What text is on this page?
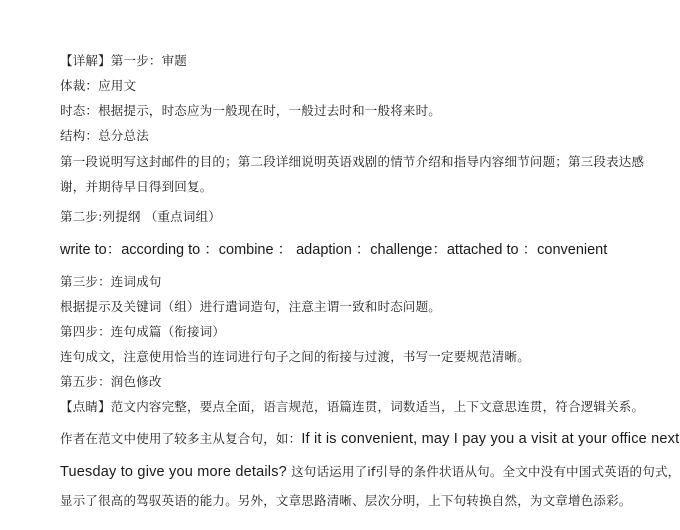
【详解】第一步：审题
体裁：应用文
时态：根据提示，时态应为一般现在时，一般过去时和一般将来时。
结构：总分总法
第一段说明写这封邮件的目的；第二段详细说明英语戏剧的情节介绍和指导内容细节问题；第三段表达感
谢，并期待早日得到回复。
第二步:列提纲 （重点词组）
write to：according to ：combine ： adaption ：challenge：attached to ：convenient
第三步：连词成句
根据提示及关键词（组）进行遣词造句，注意主谓一致和时态问题。
第四步：连句成篇（衔接词）
连句成文，注意使用恰当的连词进行句子之间的衔接与过渡，书写一定要规范清晰。
第五步：润色修改
【点睛】范文内容完整，要点全面，语言规范，语篇连贯，词数适当，上下文意思连贯，符合逻辑关系。
作者在范文中使用了较多主从复合句，如：If it is convenient, may I pay you a visit at your office next
Tuesday to give you more details? 这句话运用了if引导的条件状语从句。全文中没有中国式英语的句式，
显示了很高的驾驭英语的能力。另外，文章思路清晰、层次分明，上下句转换自然，为文章增色添彩。
